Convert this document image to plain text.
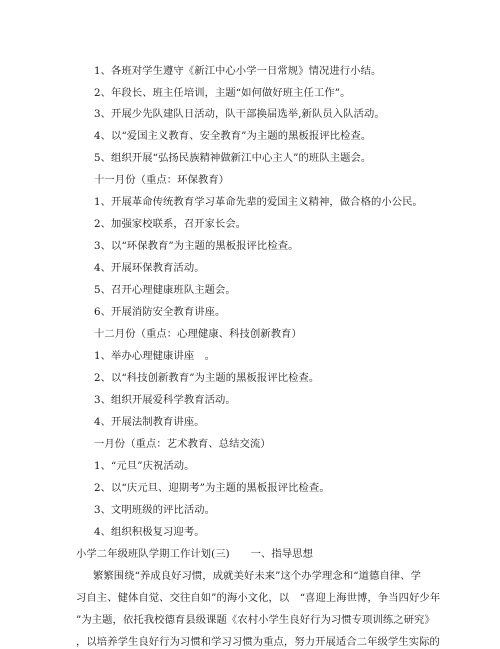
1、各班对学生遵守《新江中心小学一日常规》情况进行小结。
2、年段长、班主任培训，主题“如何做好班主任工作”。
3、开展少先队建队日活动，队干部换届选举,新队员入队活动。
4、以“爱国主义教育、安全教育”为主题的黑板报评比检查。
5、组织开展“弘扬民族精神做新江中心主人”的班队主题会。
十一月份（重点：环保教育）
1、开展革命传统教育学习革命先辈的爱国主义精神，做合格的小公民。
2、加强家校联系，召开家长会。
3、以“环保教育”为主题的黑板报评比检查。
4、开展环保教育活动。
5、召开心理健康班队主题会。
6、开展消防安全教育讲座。
十二月份（重点：心理健康、科技创新教育）
1、举办心理健康讲座　。
2、以“科技创新教育”为主题的黑板报评比检查。
3、组织开展爱科学教育活动。
4、开展法制教育讲座。
一月份（重点：艺术教育、总结交流）
1、“元旦”庆祝活动。
2、以“庆元旦、迎期考”为主题的黑板报评比检查。
3、文明班级的评比活动。
4、组织积极复习迎考。
小学二年级班队学期工作计划(三)　　一、指导思想
繁繁围绕“养成良好习惯，成就美好未来”这个办学理念和“道德自律、学
习自主、健体自觉、交往自如”的海小文化，以　“喜迎上海世博，争当四好少年
”为主题，依托我校德育县级课题《农村小学生良好行为习惯专项训练之研究》
，以培养学生良好行为习惯和学习习惯为重点，努力开展适合二年级学生实际的
